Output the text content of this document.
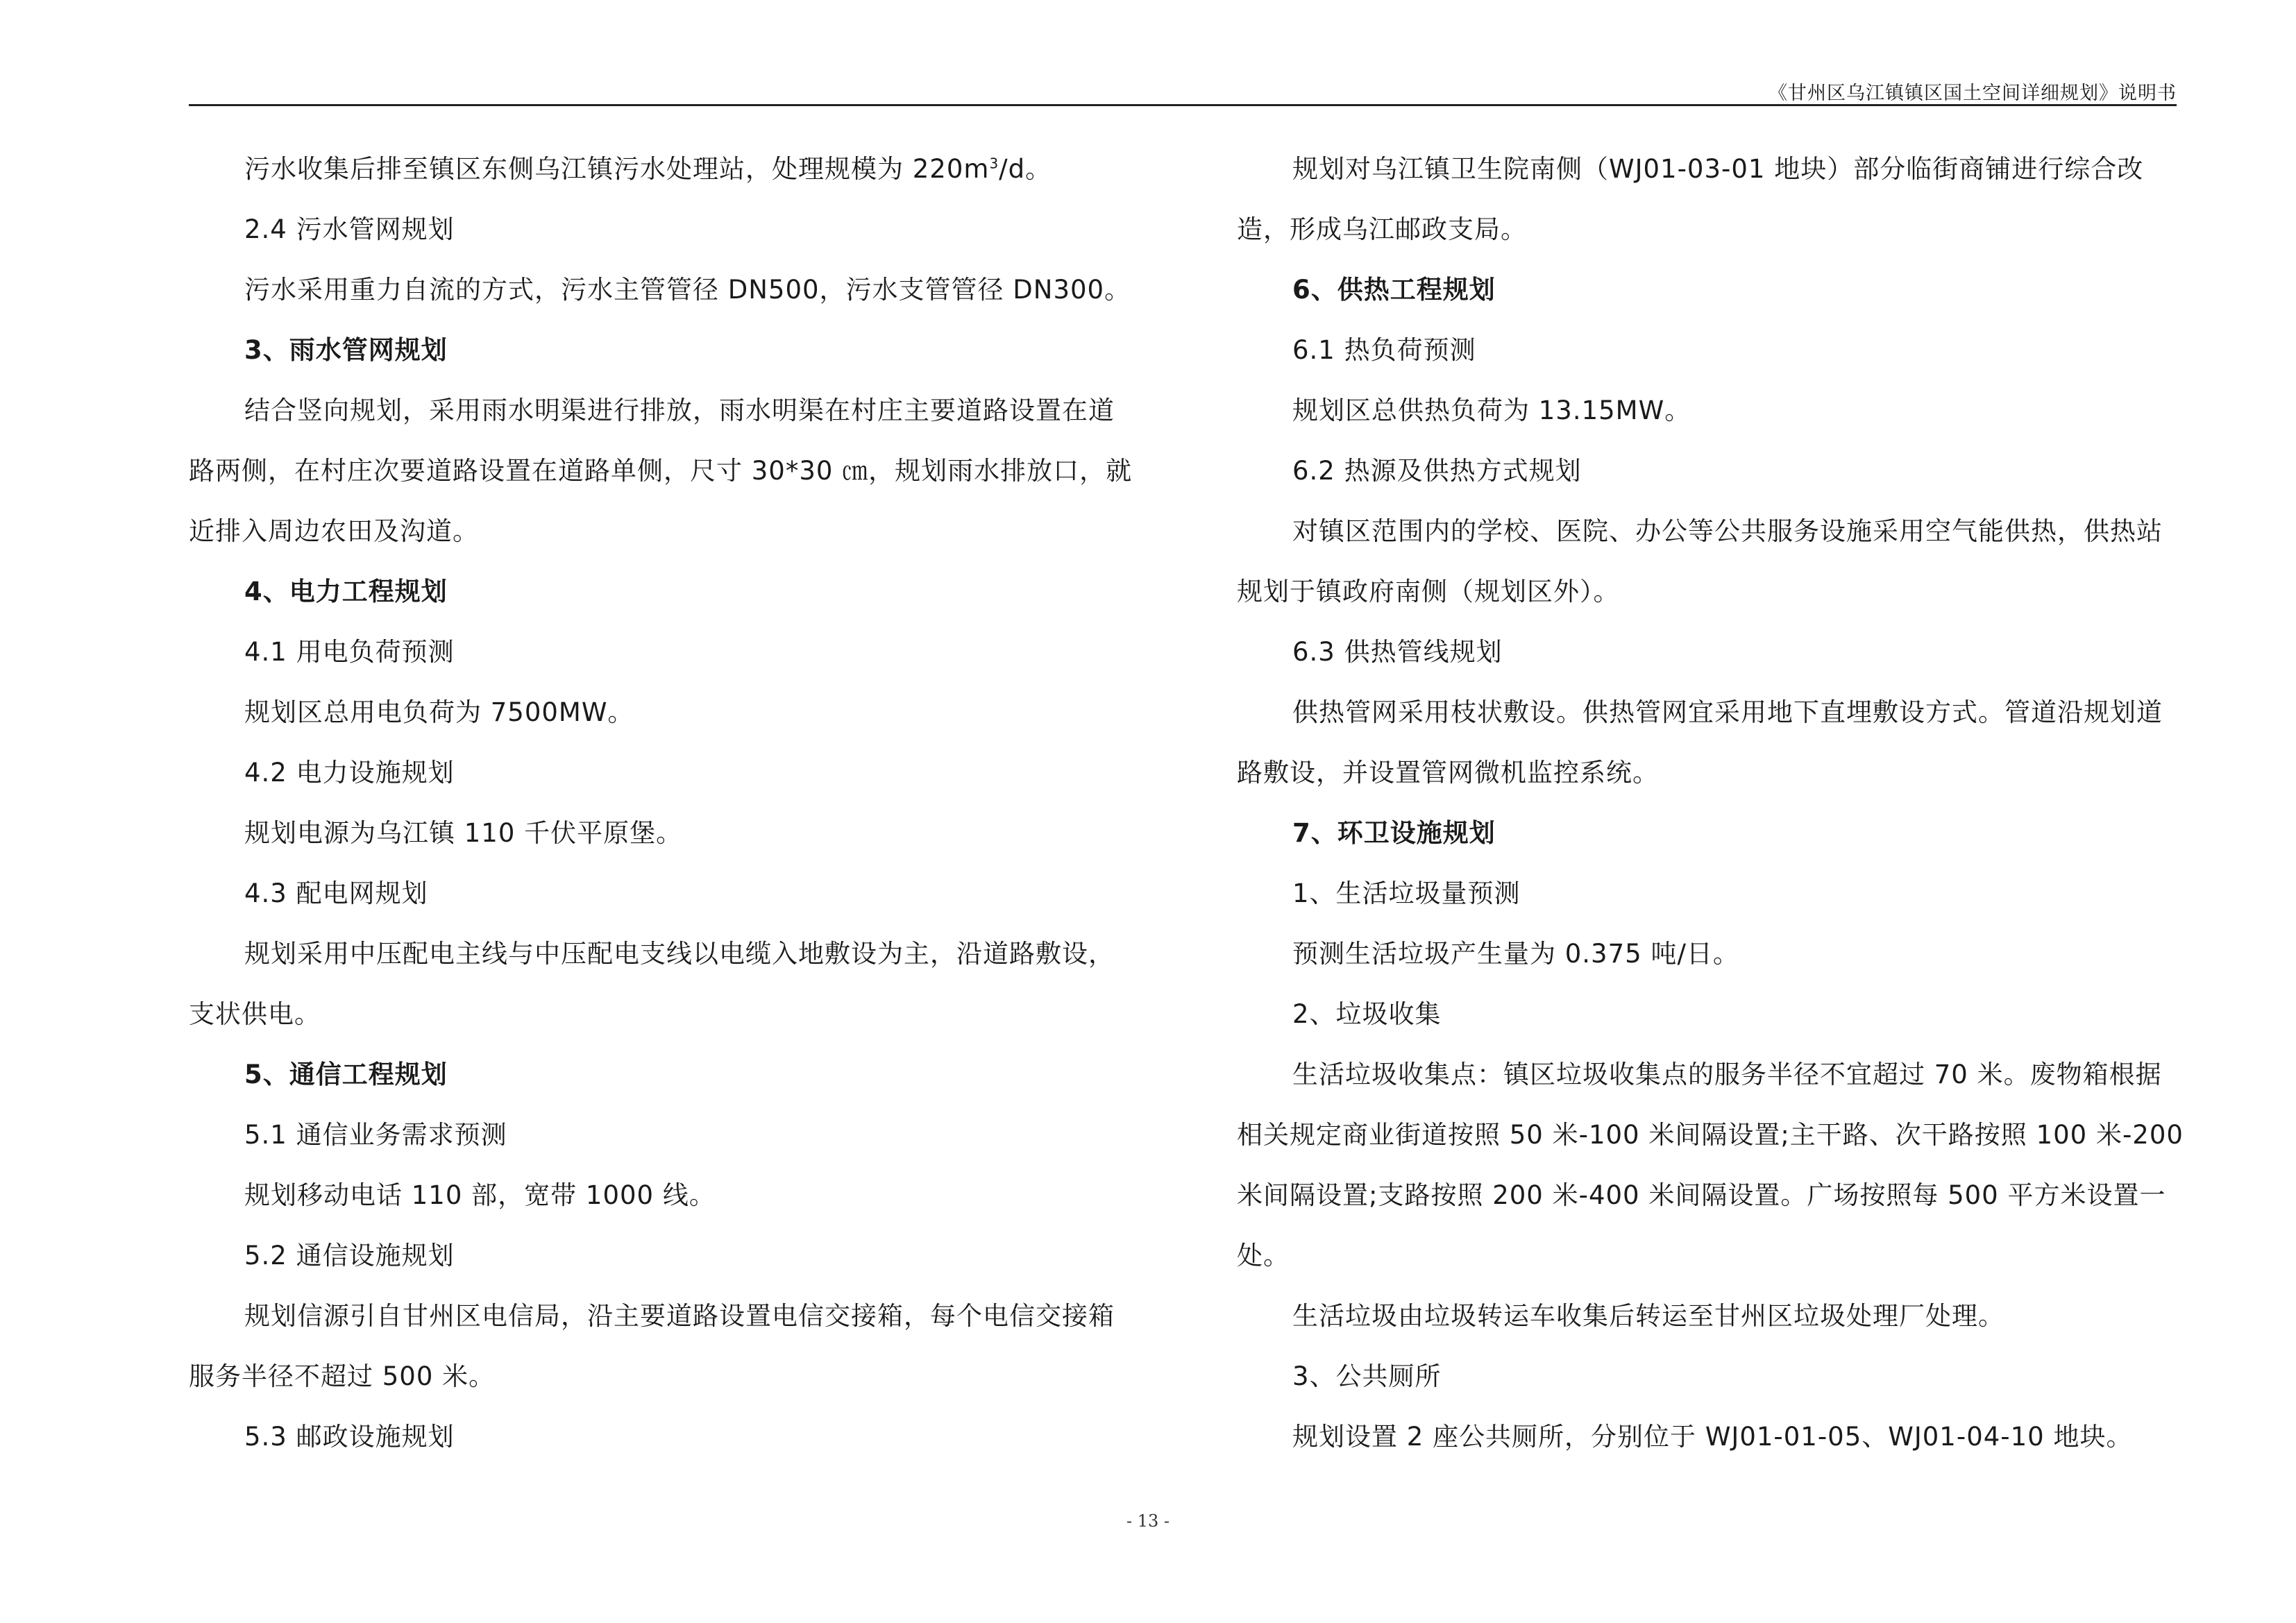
《甘州区乌江镇镇区国土空间详细规划》说明书

污水收集后排至镇区东侧乌江镇污水处理站，处理规模为 $220m^3/d$。

2.4 污水管网规划

污水采用重力自流的方式，污水主管管径 DN500，污水支管管径 DN300。

3、雨水管网规划

结合竖向规划，采用雨水明渠进行排放，雨水明渠在村庄主要道路设置在道路两侧，在村庄次要道路设置在道路单侧，尺寸 30*30 ㎝，规划雨水排放口，就近排入周边农田及沟道。

4、电力工程规划

4.1 用电负荷预测

规划区总用电负荷为 7500MW。

4.2 电力设施规划

规划电源为乌江镇 110 千伏平原堡。

4.3 配电网规划

规划采用中压配电主线与中压配电支线以电缆入地敷设为主，沿道路敷设，支状供电。

5、通信工程规划

5.1 通信业务需求预测

规划移动电话 110 部，宽带 1000 线。

5.2 通信设施规划

规划信源引自甘州区电信局，沿主要道路设置电信交接箱，每个电信交接箱服务半径不超过 500 米。

5.3 邮政设施规划

规划对乌江镇卫生院南侧（WJ01-03-01 地块）部分临街商铺进行综合改造，形成乌江邮政支局。

6、供热工程规划

6.1 热负荷预测

规划区总供热负荷为 13.15MW。

6.2 热源及供热方式规划

对镇区范围内的学校、医院、办公等公共服务设施采用空气能供热，供热站规划于镇政府南侧（规划区外）。

6.3 供热管线规划

供热管网采用枝状敷设。供热管网宜采用地下直埋敷设方式。管道沿规划道路敷设，并设置管网微机监控系统。

7、环卫设施规划

1、生活垃圾量预测

预测生活垃圾产生量为 0.375 吨/日。

2、垃圾收集

生活垃圾收集点：镇区垃圾收集点的服务半径不宜超过 70 米。废物箱根据相关规定商业街道按照 50 米-100 米间隔设置;主干路、次干路按照 100 米-200 米间隔设置;支路按照 200 米-400 米间隔设置。广场按照每 500 平方米设置一处。

生活垃圾由垃圾转运车收集后转运至甘州区垃圾处理厂处理。

3、公共厕所

规划设置 2 座公共厕所，分别位于 WJ01-01-05、WJ01-04-10 地块。

- 13 -
